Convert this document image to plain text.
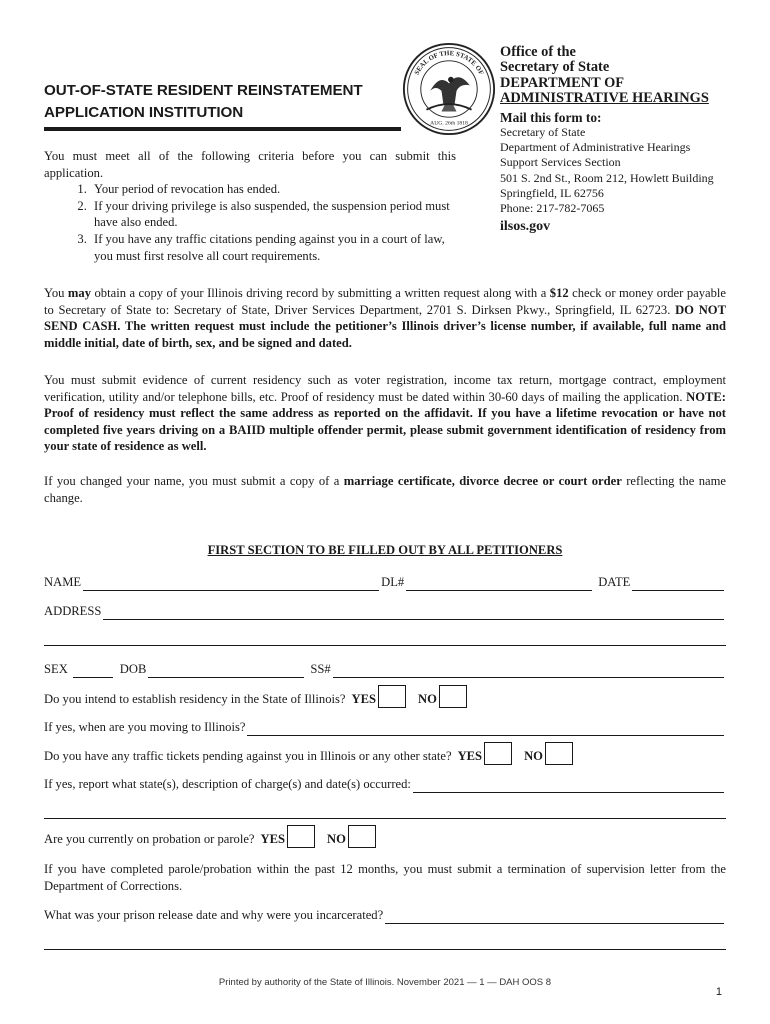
OUT-OF-STATE RESIDENT REINSTATEMENT
APPLICATION INSTITUTION
SEAL OF THE STATE OF
AUG. 26th 1818
Office of the
Secretary of State
DEPARTMENT OF
ADMINISTRATIVE HEARINGS
Mail this form to:
Secretary of State
Department of Administrative Hearings
Support Services Section
501 S. 2nd St., Room 212, Howlett Building
Springfield, IL 62756
Phone: 217-782-7065
ilsos.gov
You must meet all of the following criteria before you can submit this application.
1. Your period of revocation has ended.
2. If your driving privilege is also suspended, the suspension period must have also ended.
3. If you have any traffic citations pending against you in a court of law, you must first resolve all court requirements.
You may obtain a copy of your Illinois driving record by submitting a written request along with a $12 check or money order payable to Secretary of State to: Secretary of State, Driver Services Department, 2701 S. Dirksen Pkwy., Springfield, IL 62723. DO NOT SEND CASH. The written request must include the petitioner’s Illinois driver’s license number, if available, full name and middle initial, date of birth, sex, and be signed and dated.
You must submit evidence of current residency such as voter registration, income tax return, mortgage contract, employment verification, utility and/or telephone bills, etc. Proof of residency must be dated within 30-60 days of mailing the application. NOTE: Proof of residency must reflect the same address as reported on the affidavit. If you have a lifetime revocation or have not completed five years driving on a BAIID multiple offender permit, please submit government identification of residency from your state of residence as well.
If you changed your name, you must submit a copy of a marriage certificate, divorce decree or court order reflecting the name change.
FIRST SECTION TO BE FILLED OUT BY ALL PETITIONERS
NAME	DL#	DATE
ADDRESS
SEX	DOB	SS#
Do you intend to establish residency in the State of Illinois? YES	NO
If yes, when are you moving to Illinois?
Do you have any traffic tickets pending against you in Illinois or any other state? YES	NO
If yes, report what state(s), description of charge(s) and date(s) occurred:
Are you currently on probation or parole? YES	NO
If you have completed parole/probation within the past 12 months, you must submit a termination of supervision letter from the Department of Corrections.
What was your prison release date and why were you incarcerated?
Printed by authority of the State of Illinois. November 2021 — 1 — DAH OOS 8
1
